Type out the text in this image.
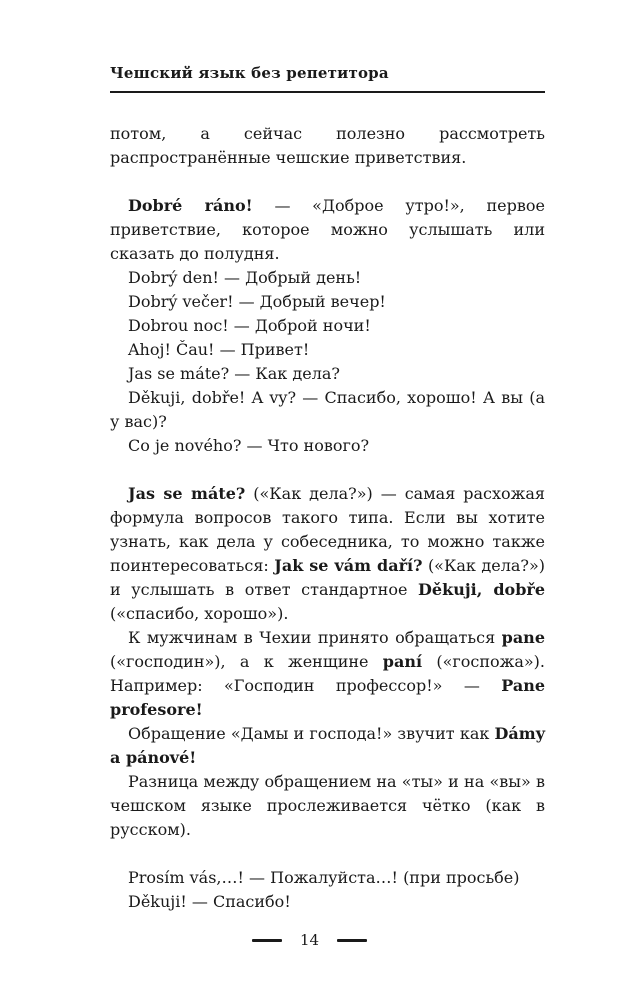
Чешский язык без репетитора

потом, а сейчас полезно рассмотреть распространённые чешские приветствия.

Dobré ráno! — «Доброе утро!», первое приветствие, которое можно услышать или сказать до полудня.

Dobrý den! — Добрый день!

Dobrý večer! — Добрый вечер!

Dobrou noc! — Доброй ночи!

Ahoj! Čau! — Привет!

Jas se máte? — Как дела?

Děkuji, dobře! A vy? — Спасибо, хорошо! А вы (а у вас)?

Co je nového? — Что нового?

Jas se máte? («Как дела?») — самая расхожая формула вопросов такого типа. Если вы хотите узнать, как дела у собеседника, то можно также поинтересоваться: Jak se vám daří? («Как дела?») и услышать в ответ стандартное Děkuji, dobře («спасибо, хорошо»).

К мужчинам в Чехии принято обращаться pane («господин»), а к женщине paní («госпожа»). Например: «Господин профессор!» — Pane profesore!

Обращение «Дамы и господа!» звучит как Dámy a pánové!

Разница между обращением на «ты» и на «вы» в чешском языке прослеживается чётко (как в русском).

Prosím vás,…! — Пожалуйста…! (при просьбе)

Děkuji! — Спасибо!

14
